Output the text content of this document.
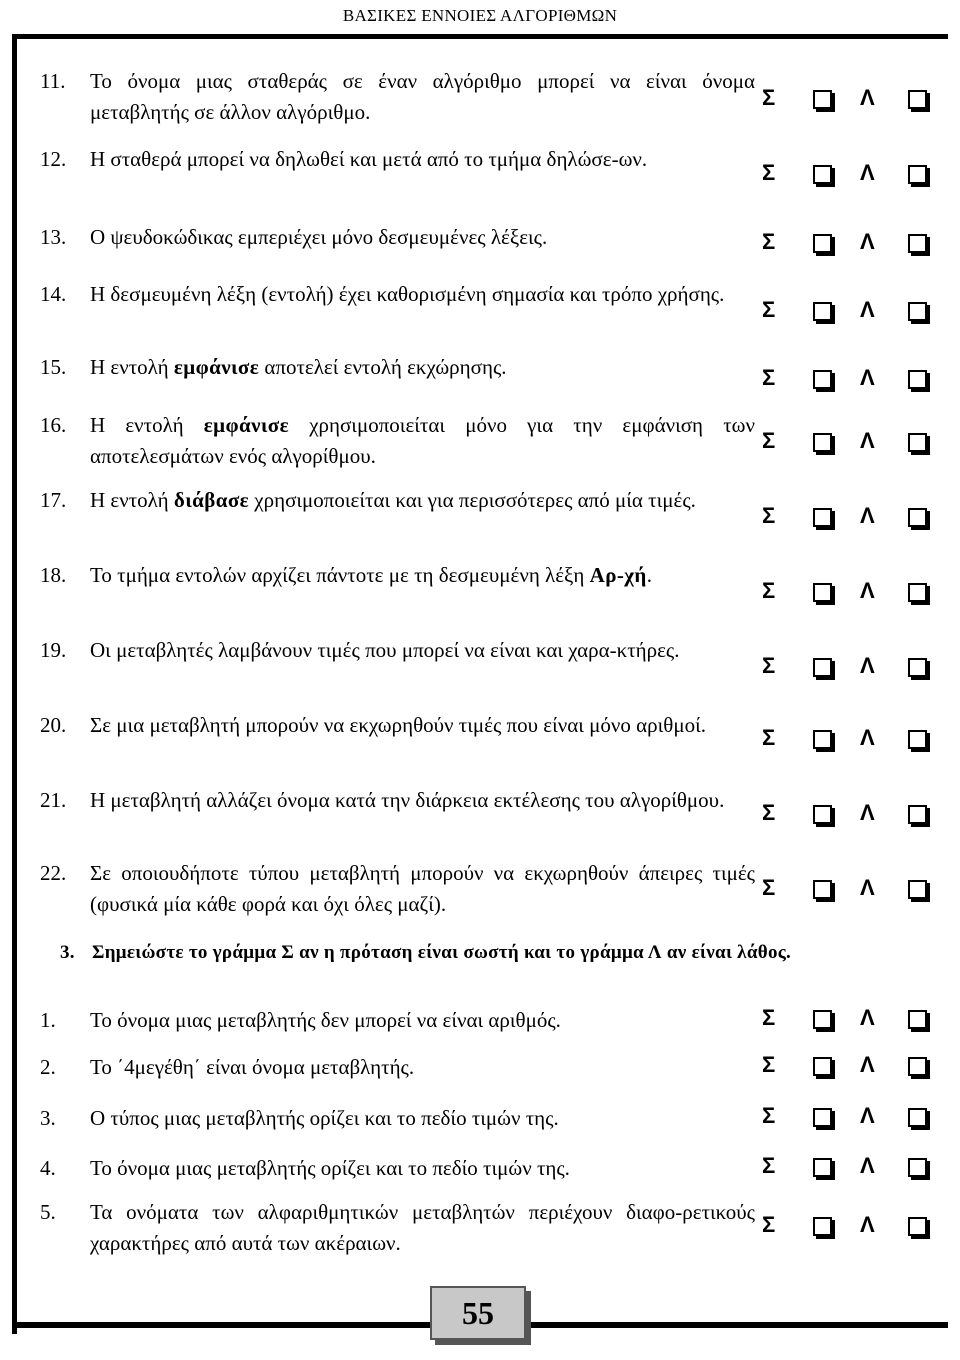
ΒΑΣΙΚΕΣ ΕΝΝΟΙΕΣ ΑΛΓΟΡΙΘΜΩΝ
11.	Το όνομα μιας σταθεράς σε έναν αλγόριθμο μπορεί να είναι όνομα μεταβλητής σε άλλον αλγόριθμο.
Σ	Λ
12.	Η σταθερά μπορεί να δηλωθεί και μετά από το τμήμα δηλώσε-ων.
Σ	Λ
13.	Ο ψευδοκώδικας εμπεριέχει μόνο δεσμευμένες λέξεις.	Σ	Λ
14.	Η δεσμευμένη λέξη (εντολή) έχει καθορισμένη σημασία και τρόπο χρήσης.
Σ	Λ
15.	Η εντολή εμφάνισε αποτελεί εντολή εκχώρησης.	Σ	Λ
16.	Η εντολή εμφάνισε χρησιμοποιείται μόνο για την εμφάνιση των αποτελεσμάτων ενός αλγορίθμου.
Σ	Λ
17.	Η εντολή διάβασε χρησιμοποιείται και για περισσότερες από μία τιμές.
Σ	Λ
18.	Το τμήμα εντολών αρχίζει πάντοτε με τη δεσμευμένη λέξη Αρ-χή.
Σ	Λ
19.	Οι μεταβλητές λαμβάνουν τιμές που μπορεί να είναι και χαρα-κτήρες.
Σ	Λ
20.	Σε μια μεταβλητή μπορούν να εκχωρηθούν τιμές που είναι μόνο αριθμοί.	Σ	Λ
21.	Η μεταβλητή αλλάζει όνομα κατά την διάρκεια εκτέλεσης του αλγορίθμου.	Σ	Λ
22.	Σε οποιουδήποτε τύπου μεταβλητή μπορούν να εκχωρηθούν άπειρες τιμές (φυσικά μία κάθε φορά και όχι όλες μαζί).
Σ	Λ
1.	Το όνομα μιας μεταβλητής δεν μπορεί να είναι αριθμός.	Σ	Λ
2.	Το ΄4μεγέθη΄ είναι όνομα μεταβλητής.	Σ	Λ
3.	Ο τύπος μιας μεταβλητής ορίζει και το πεδίο τιμών της.	Σ	Λ
4.	Το όνομα μιας μεταβλητής ορίζει και το πεδίο τιμών της.	Σ	Λ
5.	Τα ονόματα των αλφαριθμητικών μεταβλητών περιέχουν διαφο-ρετικούς χαρακτήρες από αυτά των ακέραιων.
Σ	Λ
3. Σημειώστε το γράμμα Σ αν η πρόταση είναι σωστή και το γράμμα Λ αν είναι λάθος.
55
